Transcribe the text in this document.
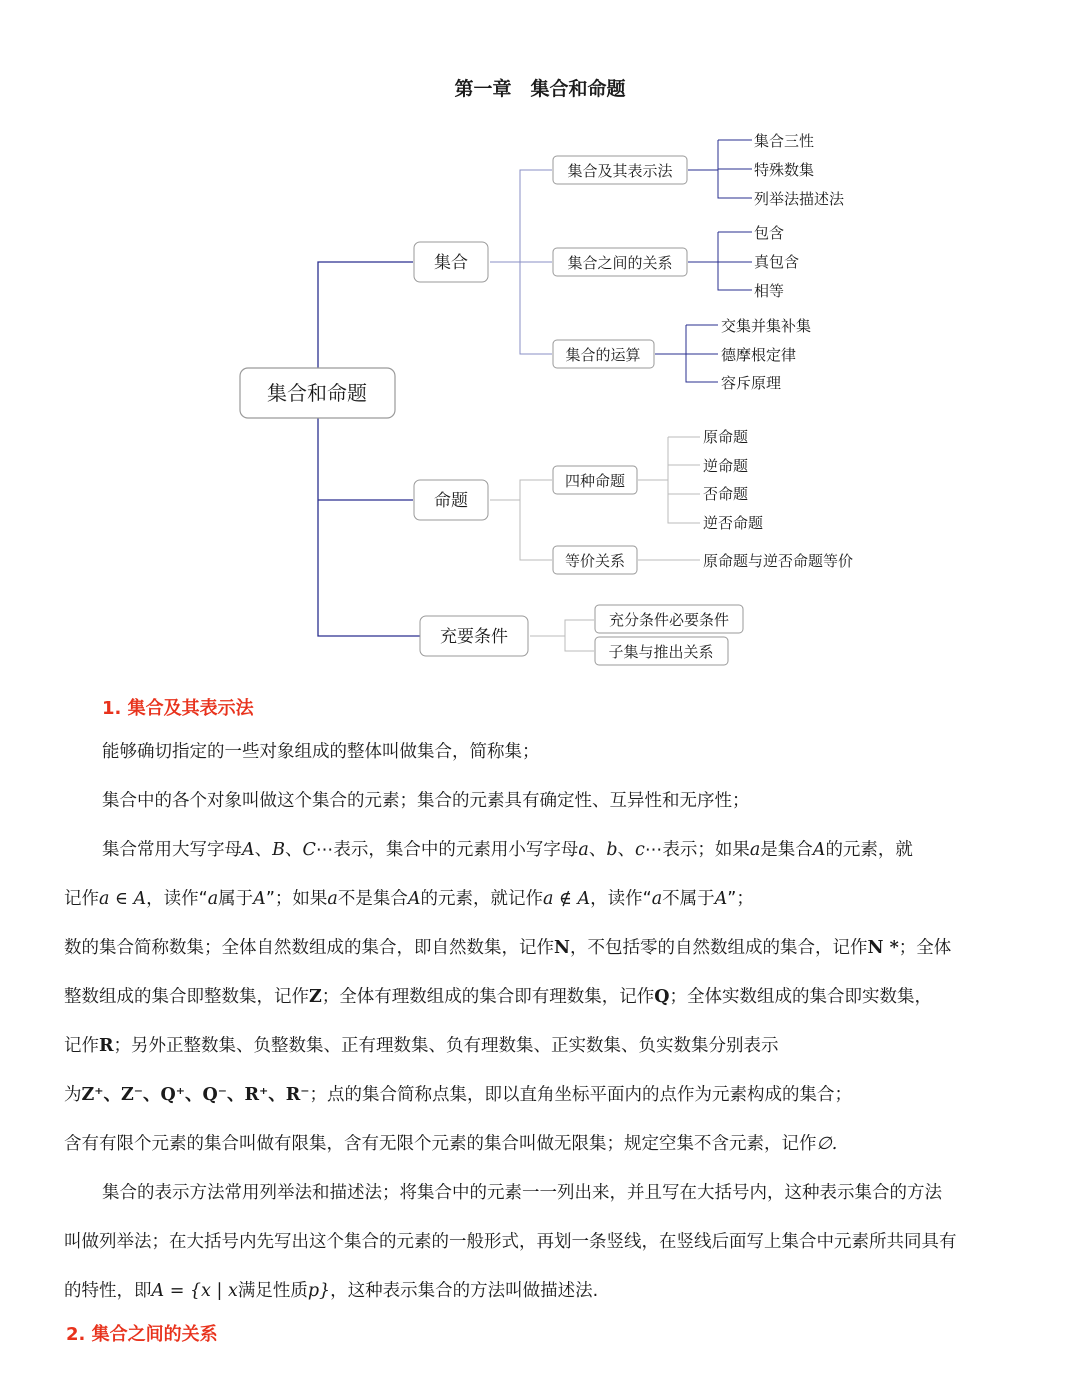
第一章　集合和命题
集合和命题
集合
命题
充要条件
集合及其表示法
集合之间的关系
集合的运算
四种命题
等价关系
充分条件必要条件
子集与推出关系
集合三性
特殊数集
列举法描述法
包含
真包含
相等
交集并集补集
德摩根定律
容斥原理
原命题
逆命题
否命题
逆否命题
原命题与逆否命题等价
1. 集合及其表示法

能够确切指定的一些对象组成的整体叫做集合，简称集；

集合中的各个对象叫做这个集合的元素；集合的元素具有确定性、互异性和无序性；

集合常用大写字母A、B、C⋯表示，集合中的元素用小写字母a、b、c⋯表示；如果a是集合A的元素，就

记作a ∈ A，读作“a属于A”；如果a不是集合A的元素，就记作a ∉ A，读作“a不属于A”；

数的集合简称数集；全体自然数组成的集合，即自然数集，记作N，不包括零的自然数组成的集合，记作N *；全体

整数组成的集合即整数集，记作Z；全体有理数组成的集合即有理数集，记作Q；全体实数组成的集合即实数集，

记作R；另外正整数集、负整数集、正有理数集、负有理数集、正实数集、负实数集分别表示

为Z⁺、Z⁻、Q⁺、Q⁻、R⁺、R⁻；点的集合简称点集，即以直角坐标平面内的点作为元素构成的集合；

含有有限个元素的集合叫做有限集，含有无限个元素的集合叫做无限集；规定空集不含元素，记作∅.

集合的表示方法常用列举法和描述法；将集合中的元素一一列出来，并且写在大括号内，这种表示集合的方法

叫做列举法；在大括号内先写出这个集合的元素的一般形式，再划一条竖线，在竖线后面写上集合中元素所共同具有

的特性，即A = {x | x满足性质p}，这种表示集合的方法叫做描述法.

2. 集合之间的关系
